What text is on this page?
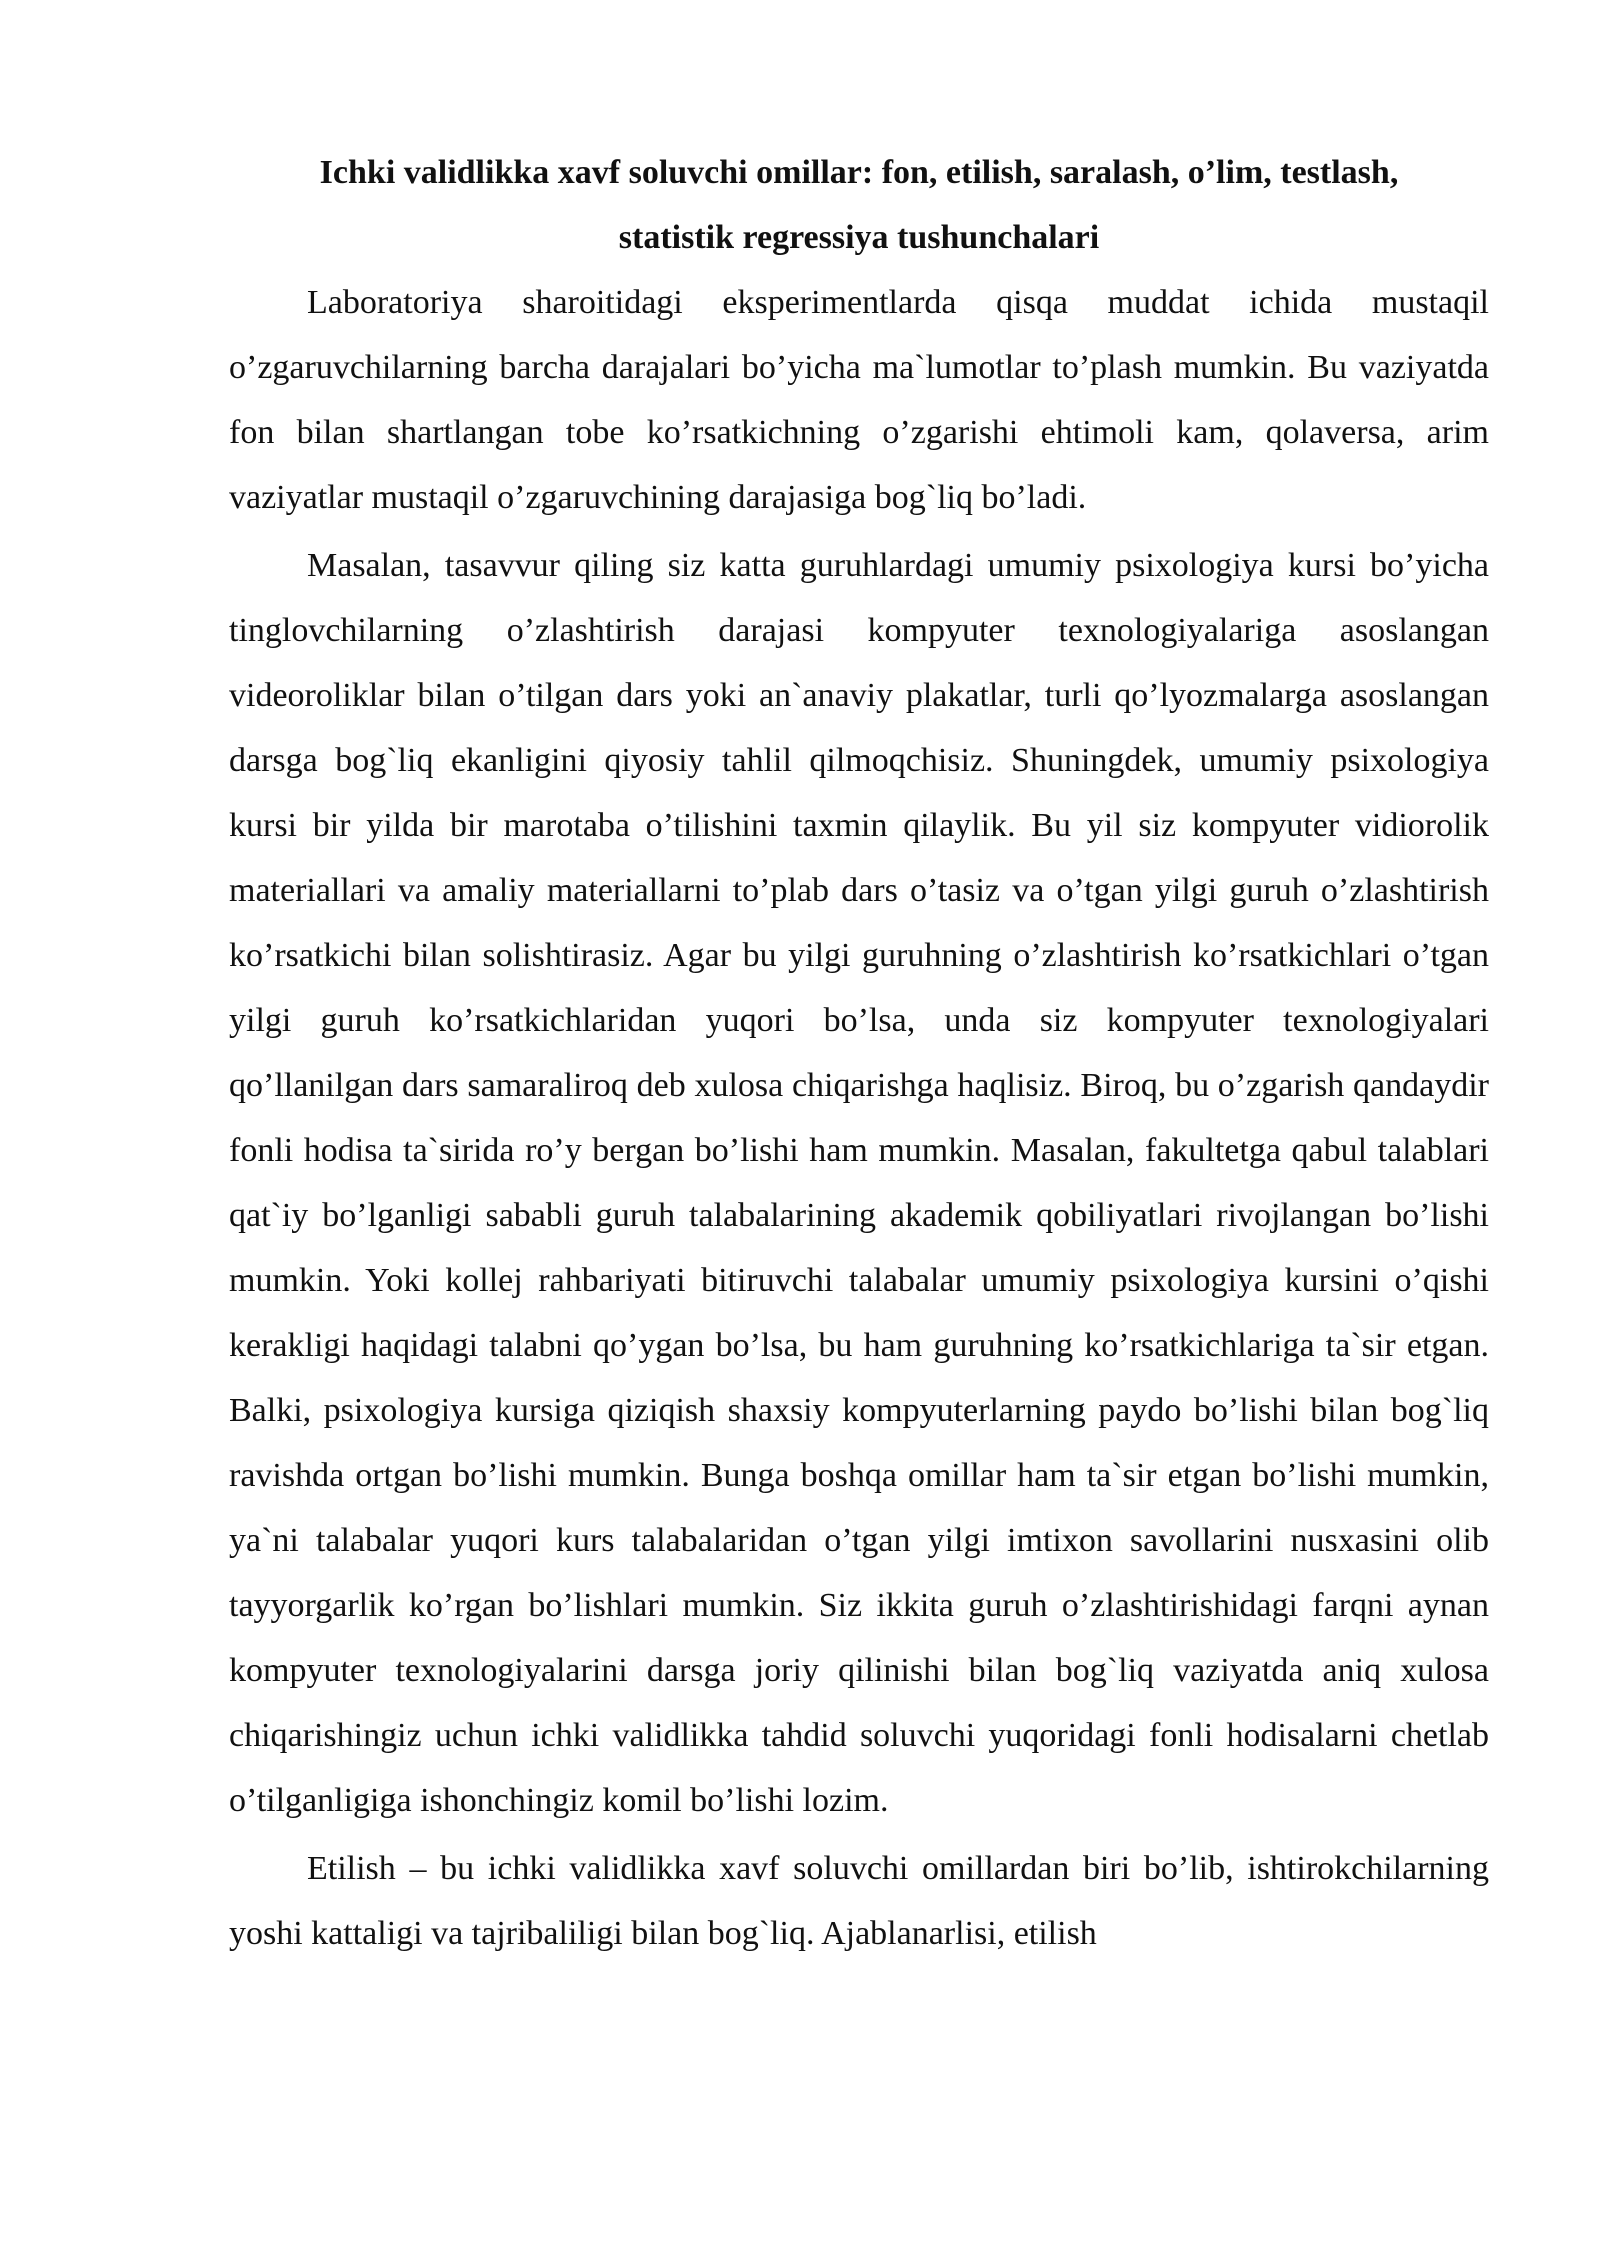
Ichki validlikka xavf soluvchi omillar: fon, etilish, saralash, o’lim, testlash,
statistik regressiya tushunchalari

Laboratoriya sharoitidagi eksperimentlarda qisqa muddat ichida mustaqil o’zgaruvchilarning barcha darajalari bo’yicha ma`lumotlar to’plash mumkin. Bu vaziyatda fon bilan shartlangan tobe ko’rsatkichning o’zgarishi ehtimoli kam, qolaversa, arim vaziyatlar mustaqil o’zgaruvchining darajasiga bog`liq bo’ladi.

Masalan, tasavvur qiling siz katta guruhlardagi umumiy psixologiya kursi bo’yicha tinglovchilarning o’zlashtirish darajasi kompyuter texnologiyalariga asoslangan videoroliklar bilan o’tilgan dars yoki an`anaviy plakatlar, turli qo’lyozmalarga asoslangan darsga bog`liq ekanligini qiyosiy tahlil qilmoqchisiz. Shuningdek, umumiy psixologiya kursi bir yilda bir marotaba o’tilishini taxmin qilaylik. Bu yil siz kompyuter vidiorolik materiallari va amaliy materiallarni to’plab dars o’tasiz va o’tgan yilgi guruh o’zlashtirish ko’rsatkichi bilan solishtirasiz. Agar bu yilgi guruhning o’zlashtirish ko’rsatkichlari o’tgan yilgi guruh ko’rsatkichlaridan yuqori bo’lsa, unda siz kompyuter texnologiyalari qo’llanilgan dars samaraliroq deb xulosa chiqarishga haqlisiz. Biroq, bu o’zgarish qandaydir fonli hodisa ta`sirida ro’y bergan bo’lishi ham mumkin. Masalan, fakultetga qabul talablari qat`iy bo’lganligi sababli guruh talabalarining akademik qobiliyatlari rivojlangan bo’lishi mumkin. Yoki kollej rahbariyati bitiruvchi talabalar umumiy psixologiya kursini o’qishi kerakligi haqidagi talabni qo’ygan bo’lsa, bu ham guruhning ko’rsatkichlariga ta`sir etgan. Balki, psixologiya kursiga qiziqish shaxsiy kompyuterlarning paydo bo’lishi bilan bog`liq ravishda ortgan bo’lishi mumkin. Bunga boshqa omillar ham ta`sir etgan bo’lishi mumkin, ya`ni talabalar yuqori kurs talabalaridan o’tgan yilgi imtixon savollarini nusxasini olib tayyorgarlik ko’rgan bo’lishlari mumkin. Siz ikkita guruh o’zlashtirishidagi farqni aynan kompyuter texnologiyalarini darsga joriy qilinishi bilan bog`liq vaziyatda aniq xulosa chiqarishingiz uchun ichki validlikka tahdid soluvchi yuqoridagi fonli hodisalarni chetlab o’tilganligiga ishonchingiz komil bo’lishi lozim.

Etilish – bu ichki validlikka xavf soluvchi omillardan biri bo’lib, ishtirokchilarning yoshi kattaligi va tajribaliligi bilan bog`liq. Ajablanarlisi, etilish
